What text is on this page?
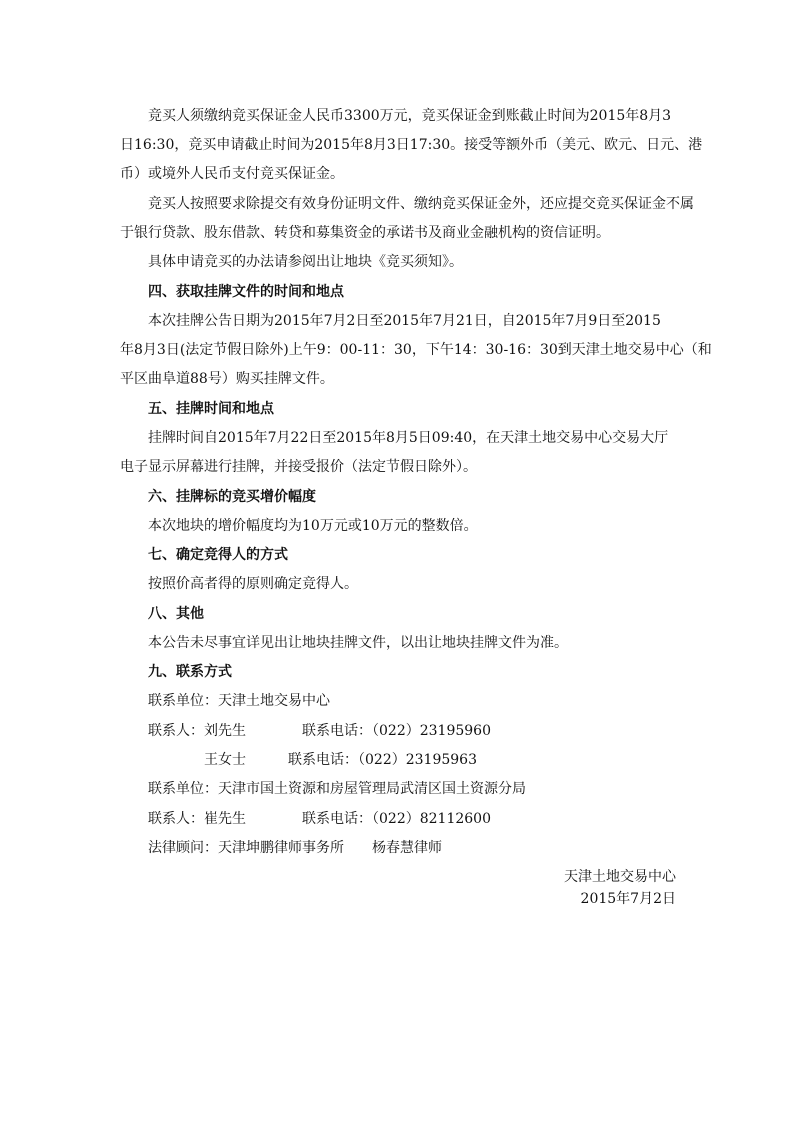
　　竞买人须缴纳竞买保证金人民币3300万元，竞买保证金到账截止时间为2015年8月3
日16:30，竞买申请截止时间为2015年8月3日17:30。接受等额外币（美元、欧元、日元、港
币）或境外人民币支付竞买保证金。
　　竞买人按照要求除提交有效身份证明文件、缴纳竞买保证金外，还应提交竞买保证金不属
于银行贷款、股东借款、转贷和募集资金的承诺书及商业金融机构的资信证明。
　　具体申请竞买的办法请参阅出让地块《竞买须知》。
　　四、获取挂牌文件的时间和地点
　　本次挂牌公告日期为2015年7月2日至2015年7月21日，自2015年7月9日至2015
年8月3日(法定节假日除外)上午9：00-11：30，下午14：30-16：30到天津土地交易中心（和
平区曲阜道88号）购买挂牌文件。
　　五、挂牌时间和地点
　　挂牌时间自2015年7月22日至2015年8月5日09:40，在天津土地交易中心交易大厅
电子显示屏幕进行挂牌，并接受报价（法定节假日除外）。
　　六、挂牌标的竞买增价幅度
　　本次地块的增价幅度均为10万元或10万元的整数倍。
　　七、确定竞得人的方式
　　按照价高者得的原则确定竞得人。
　　八、其他
　　本公告未尽事宜详见出让地块挂牌文件，以出让地块挂牌文件为准。
　　九、联系方式
　　联系单位：天津土地交易中心
　　联系人：刘先生　　　　联系电话：（022）23195960
　　　　　　王女士　　　联系电话：（022）23195963
　　联系单位：天津市国土资源和房屋管理局武清区国土资源分局
　　联系人：崔先生　　　　联系电话：（022）82112600
　　法律顾问：天津坤鹏律师事务所　　杨春慧律师
天津土地交易中心
2015年7月2日
